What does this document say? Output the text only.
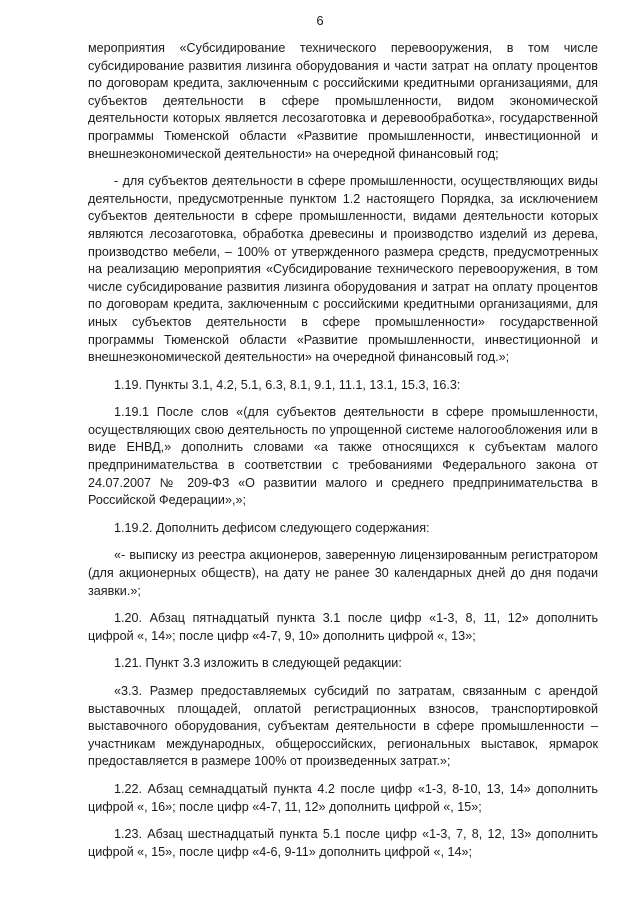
6

мероприятия «Субсидирование технического перевооружения, в том числе субсидирование развития лизинга оборудования и части затрат на оплату процентов по договорам кредита, заключенным с российскими кредитными организациями, для субъектов деятельности в сфере промышленности, видом экономической деятельности которых является лесозаготовка и деревообработка», государственной программы Тюменской области «Развитие промышленности, инвестиционной и внешнеэкономической деятельности» на очередной финансовый год;

- для субъектов деятельности в сфере промышленности, осуществляющих виды деятельности, предусмотренные пунктом 1.2 настоящего Порядка, за исключением субъектов деятельности в сфере промышленности, видами деятельности которых являются лесозаготовка, обработка древесины и производство изделий из дерева, производство мебели, – 100% от утвержденного размера средств, предусмотренных на реализацию мероприятия «Субсидирование технического перевооружения, в том числе субсидирование развития лизинга оборудования и затрат на оплату процентов по договорам кредита, заключенным с российскими кредитными организациями, для иных субъектов деятельности в сфере промышленности» государственной программы Тюменской области «Развитие промышленности, инвестиционной и внешнеэкономической деятельности» на очередной финансовый год.»;

1.19. Пункты 3.1, 4.2, 5.1, 6.3, 8.1, 9.1, 11.1, 13.1, 15.3, 16.3:

1.19.1 После слов «(для субъектов деятельности в сфере промышленности, осуществляющих свою деятельность по упрощенной системе налогообложения или в виде ЕНВД,» дополнить словами «а также относящихся к субъектам малого предпринимательства в соответствии с требованиями Федерального закона от 24.07.2007 № 209-ФЗ «О развитии малого и среднего предпринимательства в Российской Федерации»,»;

1.19.2. Дополнить дефисом следующего содержания:

«- выписку из реестра акционеров, заверенную лицензированным регистратором (для акционерных обществ), на дату не ранее 30 календарных дней до дня подачи заявки.»;

1.20. Абзац пятнадцатый пункта 3.1 после цифр «1-3, 8, 11, 12» дополнить цифрой «, 14»; после цифр «4-7, 9, 10» дополнить цифрой «, 13»;

1.21. Пункт 3.3 изложить в следующей редакции:

«3.3. Размер предоставляемых субсидий по затратам, связанным с арендой выставочных площадей, оплатой регистрационных взносов, транспортировкой выставочного оборудования, субъектам деятельности в сфере промышленности – участникам международных, общероссийских, региональных выставок, ярмарок предоставляется в размере 100% от произведенных затрат.»;

1.22. Абзац семнадцатый пункта 4.2 после цифр «1-3, 8-10, 13, 14» дополнить цифрой «, 16»; после цифр «4-7, 11, 12» дополнить цифрой «, 15»;

1.23. Абзац шестнадцатый пункта 5.1 после цифр «1-3, 7, 8, 12, 13» дополнить цифрой «, 15», после цифр «4-6, 9-11» дополнить цифрой «, 14»;
